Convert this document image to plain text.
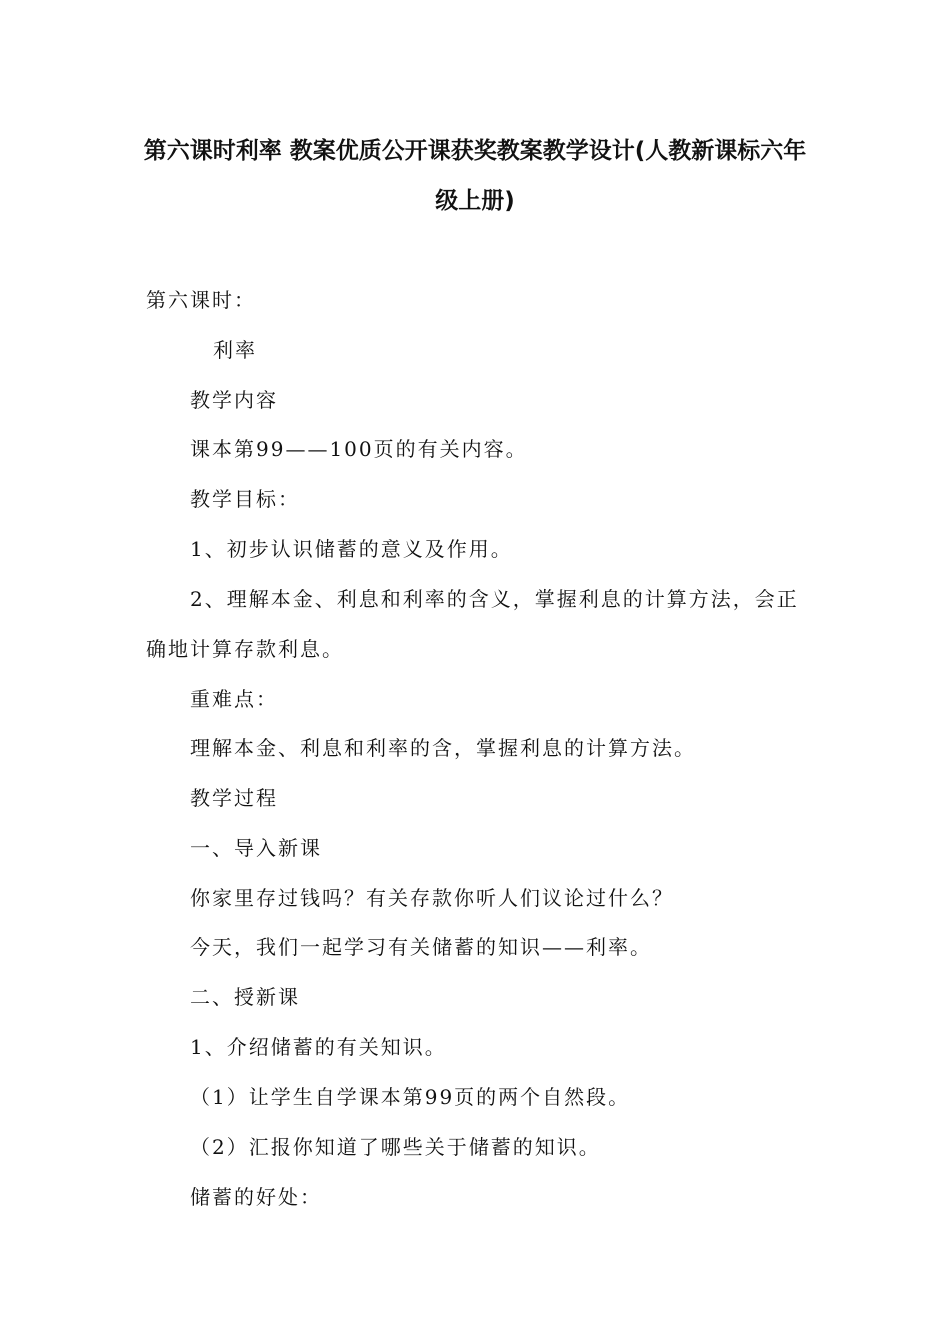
第六课时利率 教案优质公开课获奖教案教学设计(人教新课标六年
级上册)
第六课时：
利率
教学内容
课本第99——100页的有关内容。
教学目标：
1、初步认识储蓄的意义及作用。
2、理解本金、利息和利率的含义，掌握利息的计算方法，会正
确地计算存款利息。
重难点：
理解本金、利息和利率的含，掌握利息的计算方法。
教学过程
一、导入新课
你家里存过钱吗？有关存款你听人们议论过什么？
今天，我们一起学习有关储蓄的知识——利率。
二、授新课
1、介绍储蓄的有关知识。
（1）让学生自学课本第99页的两个自然段。
（2）汇报你知道了哪些关于储蓄的知识。
储蓄的好处：
